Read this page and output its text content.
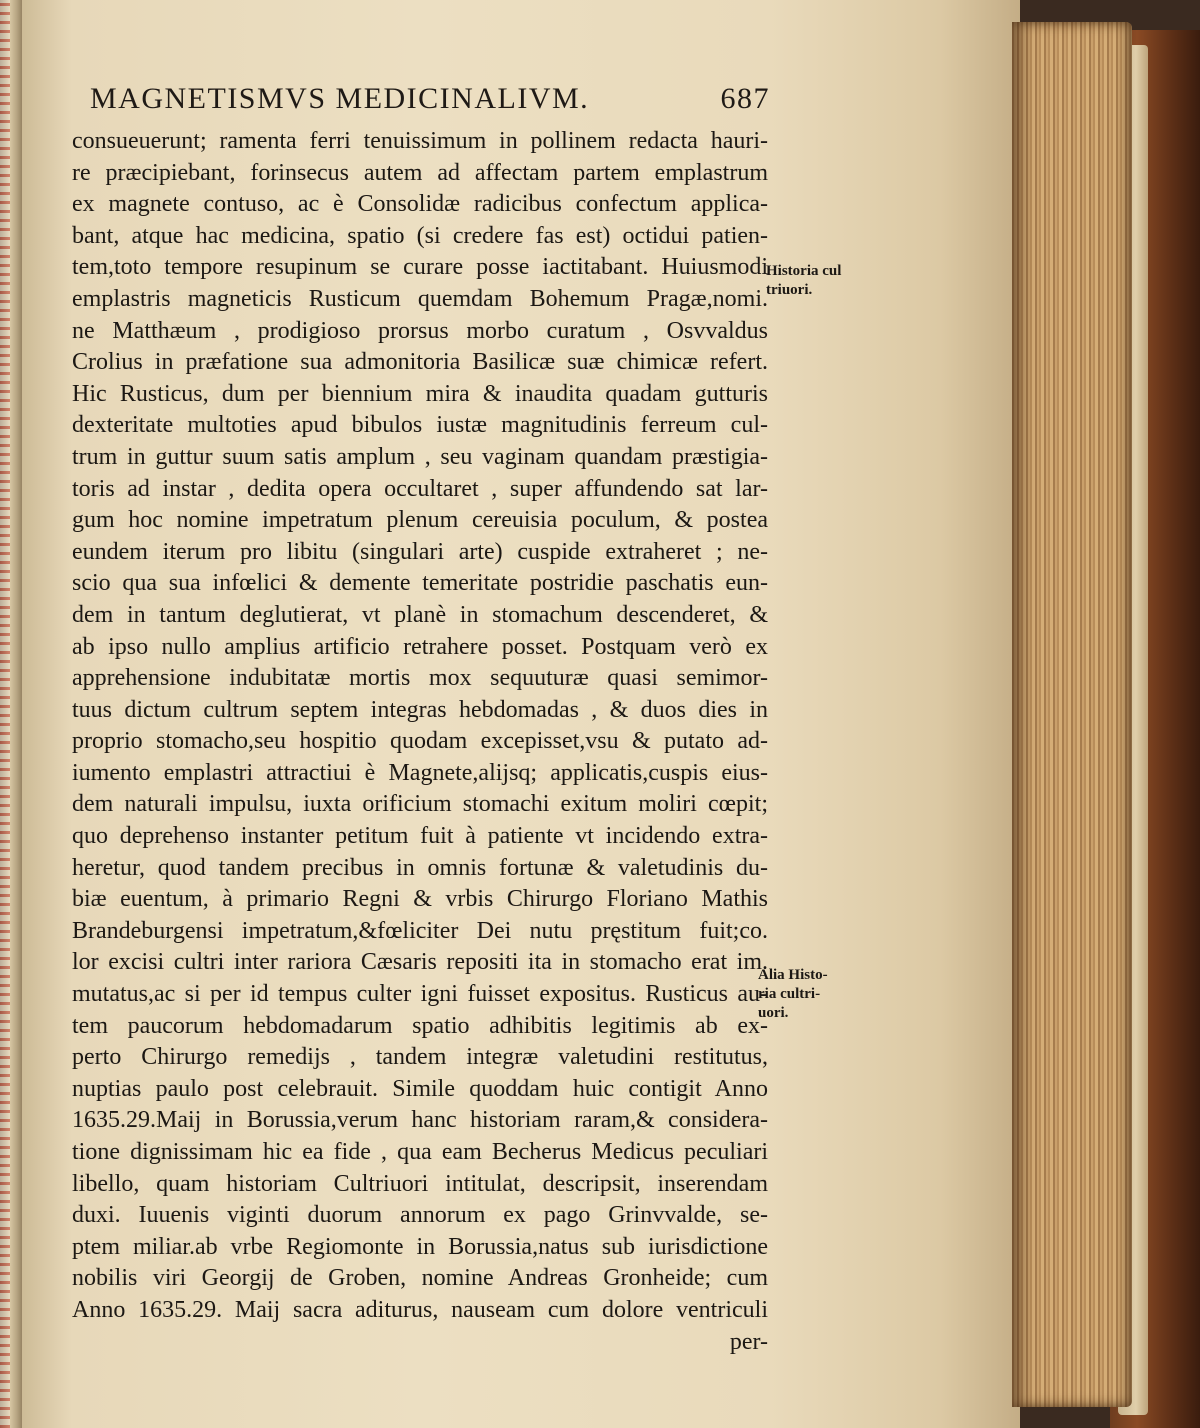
MAGNETISMVS MEDICINALIVM.	687
consueuerunt; ramenta ferri tenuissimum in pollinem redacta hauri-
re præcipiebant, forinsecus autem ad affectam partem emplastrum
ex magnete contuso, ac è Consolidæ radicibus confectum applica-
bant, atque hac medicina, spatio (si credere fas est) octidui patien-
tem,toto tempore resupinum se curare posse iactitabant. Huiusmodi
emplastris magneticis Rusticum quemdam Bohemum Pragæ,nomi.
ne Matthæum , prodigioso prorsus morbo curatum , Osvvaldus
Crolius in præfatione sua admonitoria Basilicæ suæ chimicæ refert.
Hic Rusticus, dum per biennium mira & inaudita quadam gutturis
dexteritate multoties apud bibulos iustæ magnitudinis ferreum cul-
trum in guttur suum satis amplum , seu vaginam quandam præstigia-
toris ad instar , dedita opera occultaret , super affundendo sat lar-
gum hoc nomine impetratum plenum cereuisia poculum, & postea
eundem iterum pro libitu (singulari arte) cuspide extraheret ; ne-
scio qua sua infœlici & demente temeritate postridie paschatis eun-
dem in tantum deglutierat, vt planè in stomachum descenderet, &
ab ipso nullo amplius artificio retrahere posset. Postquam verò ex
apprehensione indubitatæ mortis mox sequuturæ quasi semimor-
tuus dictum cultrum septem integras hebdomadas , & duos dies in
proprio stomacho,seu hospitio quodam excepisset,vsu & putato ad-
iumento emplastri attractiui è Magnete,alijsq; applicatis,cuspis eius-
dem naturali impulsu, iuxta orificium stomachi exitum moliri cœpit;
quo deprehenso instanter petitum fuit à patiente vt incidendo extra-
heretur, quod tandem precibus in omnis fortunæ & valetudinis du-
biæ euentum, à primario Regni & vrbis Chirurgo Floriano Mathis
Brandeburgensi impetratum,&fœliciter Dei nutu pręstitum fuit;co.
lor excisi cultri inter rariora Cæsaris repositi ita in stomacho erat im.
mutatus,ac si per id tempus culter igni fuisset expositus. Rusticus au-
tem paucorum hebdomadarum spatio adhibitis legitimis ab ex-
perto Chirurgo remedijs , tandem integræ valetudini restitutus,
nuptias paulo post celebrauit. Simile quoddam huic contigit Anno
1635.29.Maij in Borussia,verum hanc historiam raram,& considera-
tione dignissimam hic ea fide , qua eam Becherus Medicus peculiari
libello, quam historiam Cultriuori intitulat, descripsit, inserendam
duxi. Iuuenis viginti duorum annorum ex pago Grinvvalde, se-
ptem miliar.ab vrbe Regiomonte in Borussia,natus sub iurisdictione
nobilis viri Georgij de Groben, nomine Andreas Gronheide; cum
Anno 1635.29. Maij sacra aditurus, nauseam cum dolore ventriculi
per-
Historia cul
triuori.
Alia Histo-
ria cultri-
uori.
